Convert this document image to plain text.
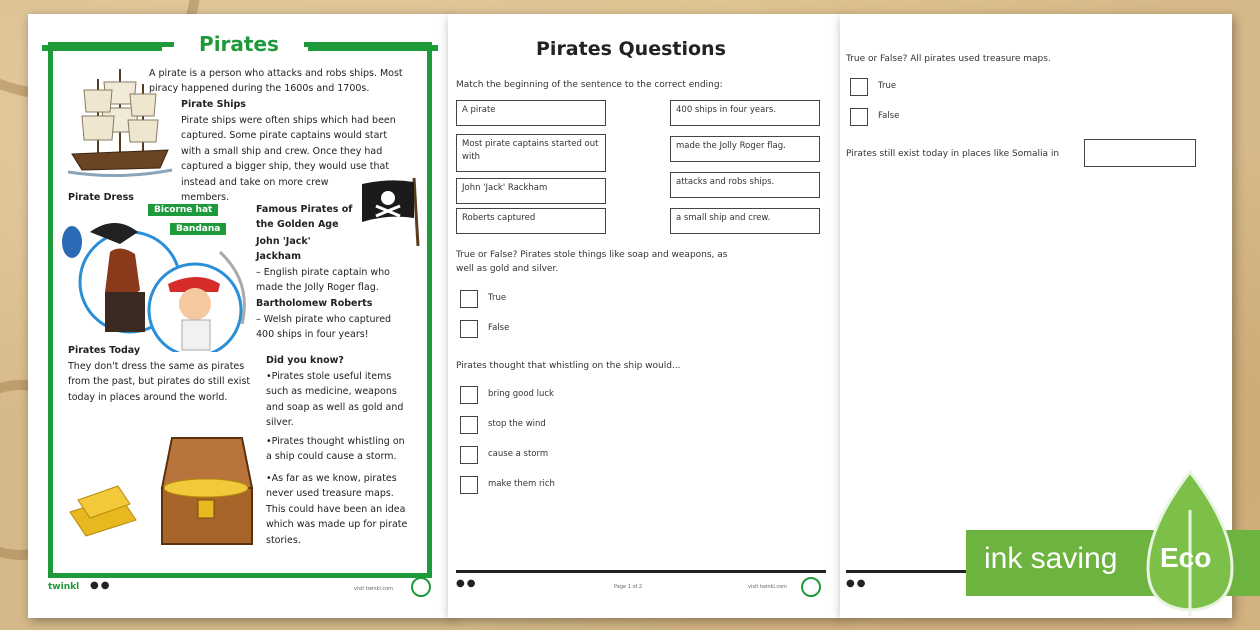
Pirates
A pirate is a person who attacks and robs ships. Most
piracy happened during the 1600s and 1700s.
Pirate Ships
Pirate ships were often ships which had been
captured. Some pirate captains would start
with a small ship and crew. Once they had
captured a bigger ship, they would use that
instead and take on more crew
members.
Pirate Dress
Bicorne hat
Bandana
Famous Pirates of
the Golden Age
John 'Jack'
Jackham
– English pirate captain who
made the Jolly Roger flag.
Bartholomew Roberts
– Welsh pirate who captured
400 ships in four years!
Pirates Today
They don't dress the same as pirates
from the past, but pirates do still exist
today in places around the world.
Did you know?
•Pirates stole useful items
such as medicine, weapons
and soap as well as gold and
silver.
•Pirates thought whistling on
a ship could cause a storm.
•As far as we know, pirates
never used treasure maps.
This could have been an idea
which was made up for pirate
stories.
twinkl ●●	visit twinkl.com
Pirates Questions
Match the beginning of the sentence to the correct ending:
A pirate
Most pirate captains started out with
John 'Jack' Rackham
Roberts captured
400 ships in four years.
made the Jolly Roger flag.
attacks and robs ships.
a small ship and crew.
True or False? Pirates stole things like soap and weapons, as
well as gold and silver.
True
False
Pirates thought that whistling on the ship would...
bring good luck
stop the wind
cause a storm
make them rich
●●	Page 1 of 2	visit twinkl.com
True or False? All pirates used treasure maps.
True
False
Pirates still exist today in places like Somalia in
●●
ink saving Eco
